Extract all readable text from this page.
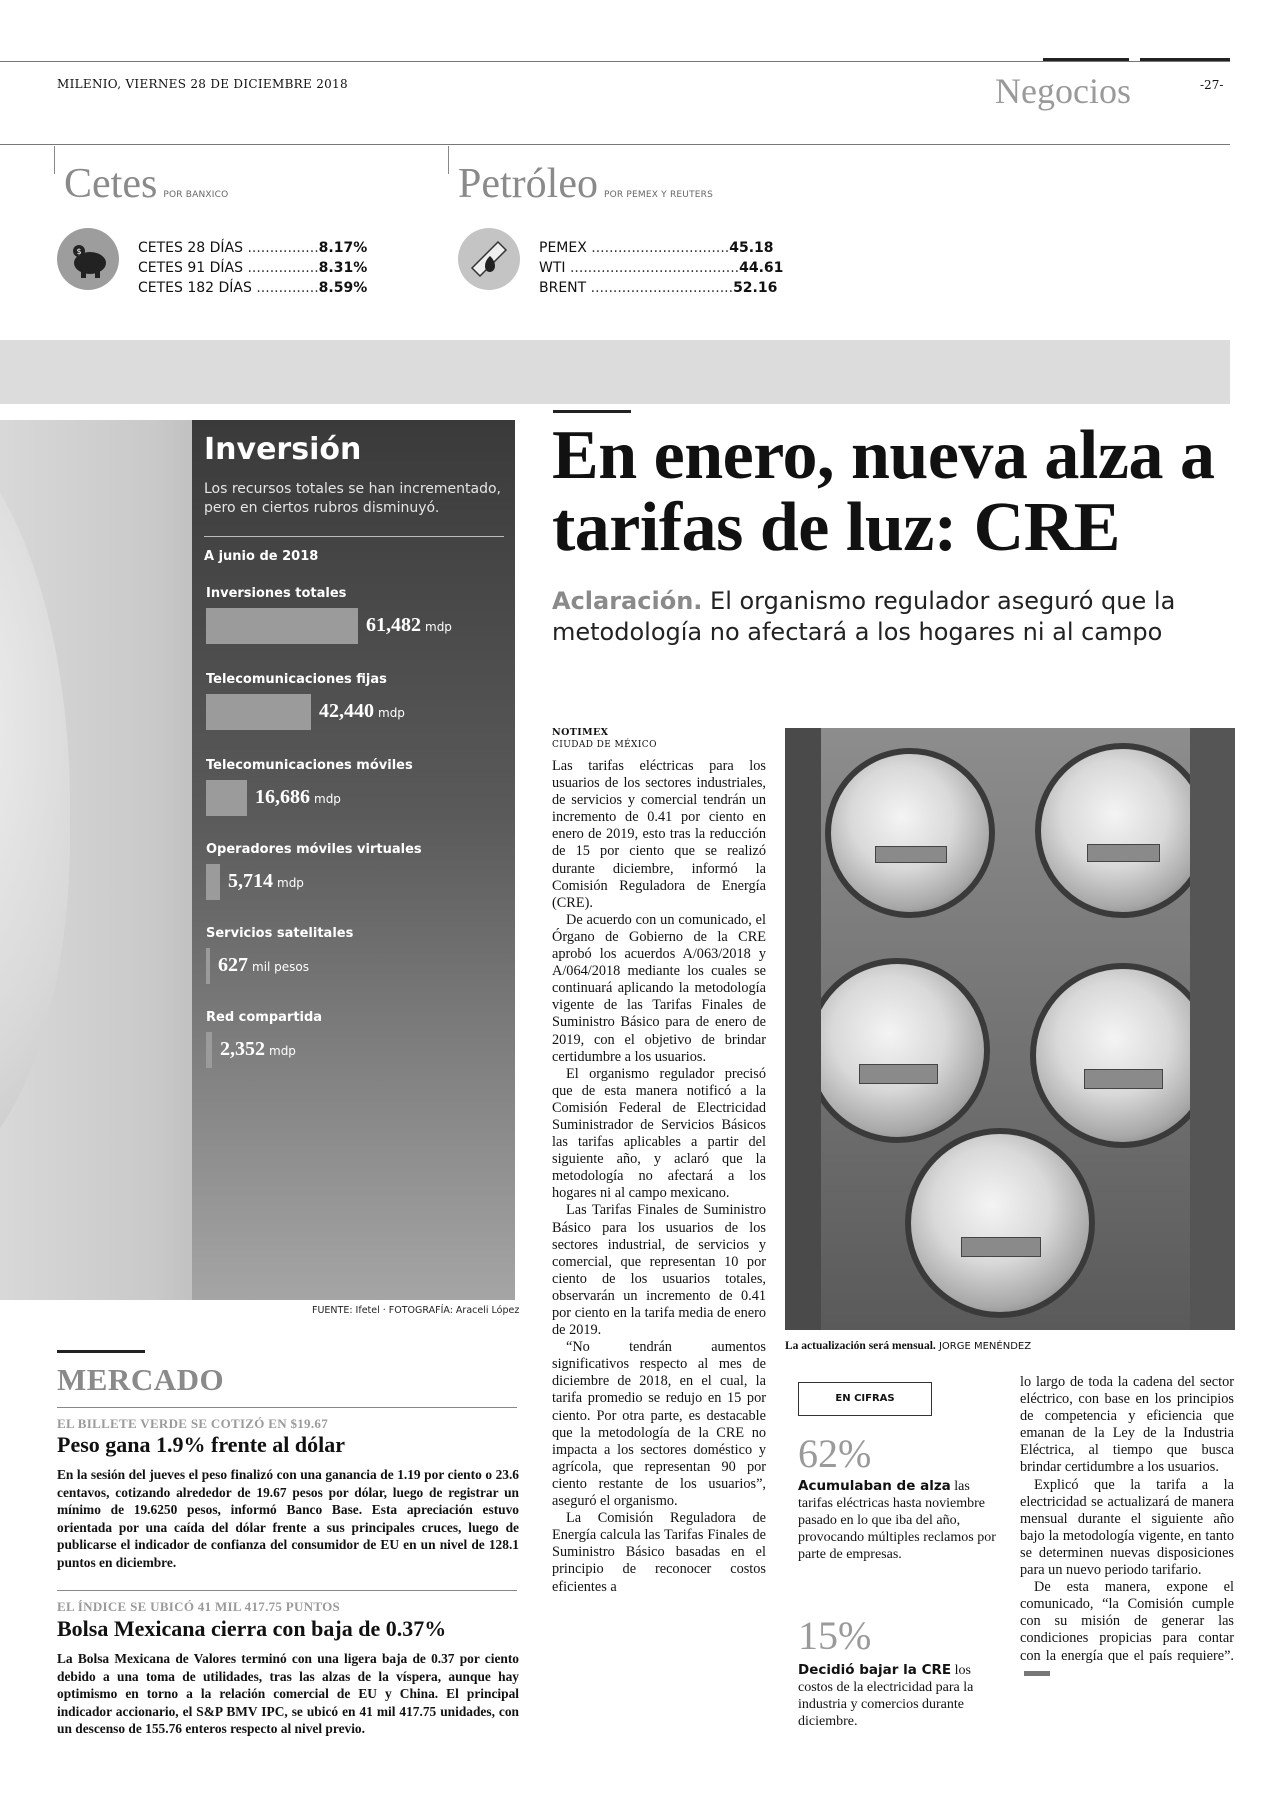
MILENIO, VIERNES 28 DE DICIEMBRE 2018	Negocios	-27-
Cetes POR BANXICO
$	CETES 28 DÍAS
................ 8.17%
CETES 91 DÍAS
................ 8.31%
CETES 182 DÍAS
.............. 8.59%
Petróleo POR PEMEX Y REUTERS
PEMEX
............................... 45.18
WTI
...................................... 44.61
BRENT
................................ 52.16
Inversión
Los recursos totales se han incrementado, pero en ciertos rubros disminuyó.
A junio de 2018
Inversiones totales
61,482 mdp
Telecomunicaciones fijas
42,440 mdp
Telecomunicaciones móviles
16,686 mdp
Operadores móviles virtuales
5,714 mdp
Servicios satelitales
627 mil pesos
Red compartida
2,352 mdp
FUENTE: Ifetel · FOTOGRAFÍA: Araceli López
En enero, nueva alza a tarifas de luz: CRE
Aclaración. El organismo regulador aseguró que la metodología no afectará a los hogares ni al campo
NOTIMEX
CIUDAD DE MÉXICO

Las tarifas eléctricas para los usuarios de los sectores industriales, de servicios y comercial tendrán un incremento de 0.41 por ciento en enero de 2019, esto tras la reducción de 15 por ciento que se realizó durante diciembre, informó la Comisión Reguladora de Energía (CRE).

De acuerdo con un comunicado, el Órgano de Gobierno de la CRE aprobó los acuerdos A/063/2018 y A/064/2018 mediante los cuales se continuará aplicando la metodología vigente de las Tarifas Finales de Suministro Básico para de enero de 2019, con el objetivo de brindar certidumbre a los usuarios.

El organismo regulador precisó que de esta manera notificó a la Comisión Federal de Electricidad Suministrador de Servicios Básicos las tarifas aplicables a partir del siguiente año, y aclaró que la metodología no afectará a los hogares ni al campo mexicano.

Las Tarifas Finales de Suministro Básico para los usuarios de los sectores industrial, de servicios y comercial, que representan 10 por ciento de los usuarios totales, observarán un incremento de 0.41 por ciento en la tarifa media de enero de 2019.

“No tendrán aumentos significativos respecto al mes de diciembre de 2018, en el cual, la tarifa promedio se redujo en 15 por ciento. Por otra parte, es destacable que la metodología de la CRE no impacta a los sectores doméstico y agrícola, que representan 90 por ciento restante de los usuarios”, aseguró el organismo.

La Comisión Reguladora de Energía calcula las Tarifas Finales de Suministro Básico basadas en el principio de reconocer costos eficientes a

La actualización será mensual. JORGE MENÉNDEZ
EN CIFRAS
62%
Acumulaban de alza las tarifas eléctricas hasta noviembre pasado en lo que iba del año, provocando múltiples reclamos por parte de empresas.
15%
Decidió bajar la CRE los costos de la electricidad para la industria y comercios durante diciembre.

lo largo de toda la cadena del sector eléctrico, con base en los principios de competencia y eficiencia que emanan de la Ley de la Industria Eléctrica, al tiempo que busca brindar certidumbre a los usuarios.

Explicó que la tarifa a la electricidad se actualizará de manera mensual durante el siguiente año bajo la metodología vigente, en tanto se determinen nuevas disposiciones para un nuevo periodo tarifario.

De esta manera, expone el comunicado, “la Comisión cumple con su misión de generar las condiciones propicias para contar con la energía que el país requiere”.

MERCADO
EL BILLETE VERDE SE COTIZÓ EN $19.67
Peso gana 1.9% frente al dólar
En la sesión del jueves el peso finalizó con una ganancia de 1.19 por ciento o 23.6 centavos, cotizando alrededor de 19.67 pesos por dólar, luego de registrar un mínimo de 19.6250 pesos, informó Banco Base. Esta apreciación estuvo orientada por una caída del dólar frente a sus principales cruces, luego de publicarse el indicador de confianza del consumidor de EU en un nivel de 128.1 puntos en diciembre.
EL ÍNDICE SE UBICÓ 41 MIL 417.75 PUNTOS
Bolsa Mexicana cierra con baja de 0.37%
La Bolsa Mexicana de Valores terminó con una ligera baja de 0.37 por ciento debido a una toma de utilidades, tras las alzas de la víspera, aunque hay optimismo en torno a la relación comercial de EU y China. El principal indicador accionario, el S&P BMV IPC, se ubicó en 41 mil 417.75 unidades, con un descenso de 155.76 enteros respecto al nivel previo.
